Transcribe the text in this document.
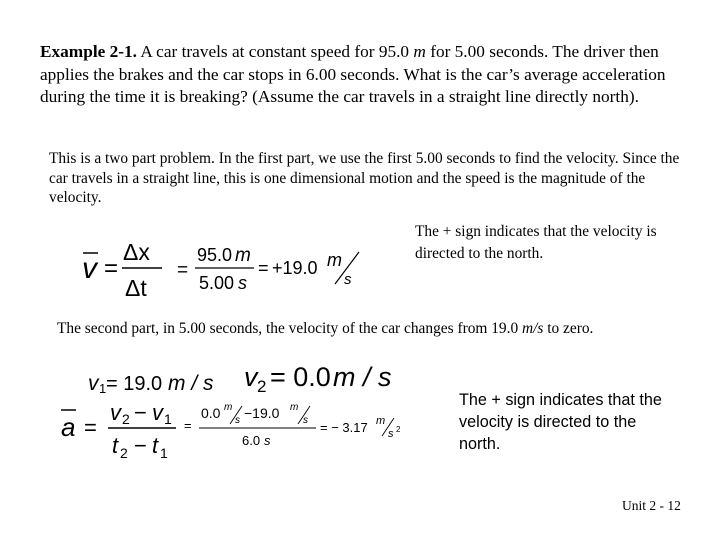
Example 2-1. A car travels at constant speed for 95.0 m for 5.00 seconds. The driver then applies the brakes and the car stops in 6.00 seconds. What is the car’s average acceleration during the time it is breaking? (Assume the car travels in a straight line directly north).
This is a two part problem. In the first part, we use the first 5.00 seconds to find the velocity. Since the car travels in a straight line, this is one dimensional motion and the speed is the magnitude of the velocity.
v =
Δx
Δt
=
95.0 m
5.00 s
= +19.0 m
s
The + sign indicates that the velocity is directed to the north.
The second part, in 5.00 seconds, the velocity of the car changes from 19.0 m/s to zero.
v 1 = 19.0 m / s v 2 = 0.0 m / s
a =
v 2 − v 1
t 2 − t 1
=
0.0 m
s −19.0 m
s
6.0 s
= − 3.17 m
s 2
The + sign indicates that the velocity is directed to the north.
Unit 2 - 12
